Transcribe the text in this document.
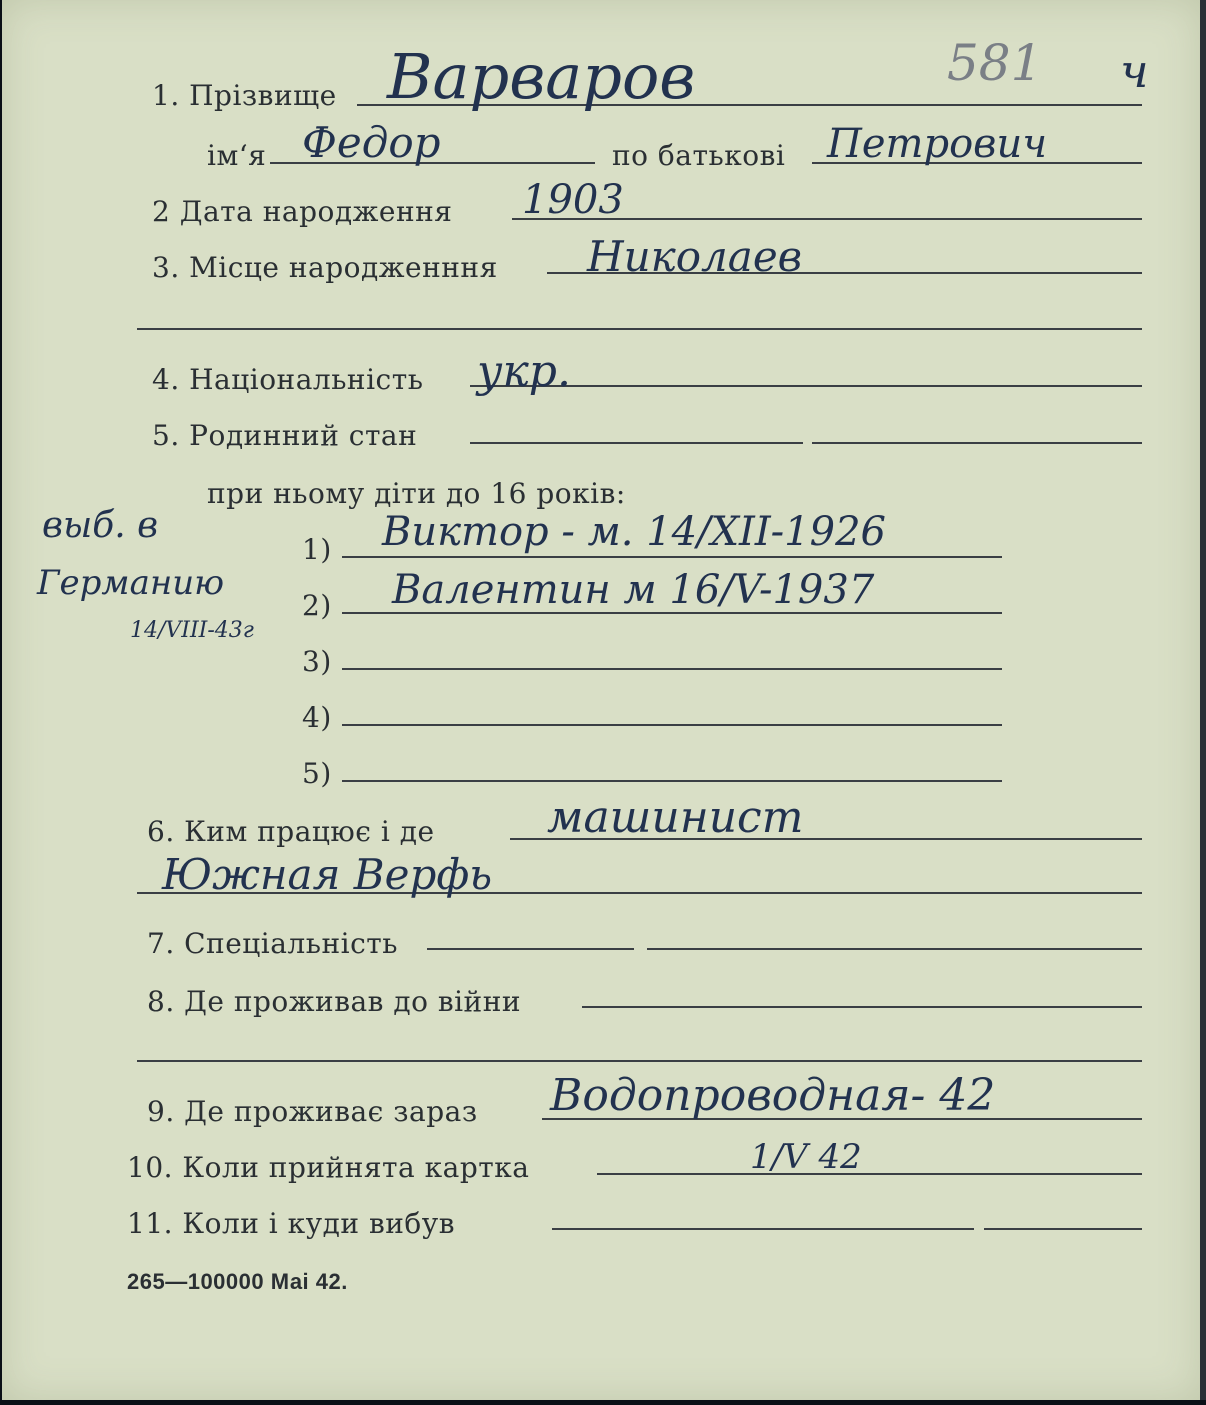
581 ч
1. Прізвище Варваров
ім‘я Федор	по батькові Петрович
2 Дата народження 1903
3. Місце народженння Николаев
4. Національність укр.
5. Родинний стан
при ньому діти до 16 років:
выб. в
Германию
14/VIII-43г
1) Виктор - м. 14/XII-1926
2) Валентин м 16/V-1937
3)
4)
5)
6. Ким працює і де	машинист
Южная Верфь
7. Спеціальність
8. Де проживав до війни
9. Де проживає зараз Водопроводная- 42
10. Коли прийнята картка	1/V 42
11. Коли і куди вибув
265—100000 Маі 42.
